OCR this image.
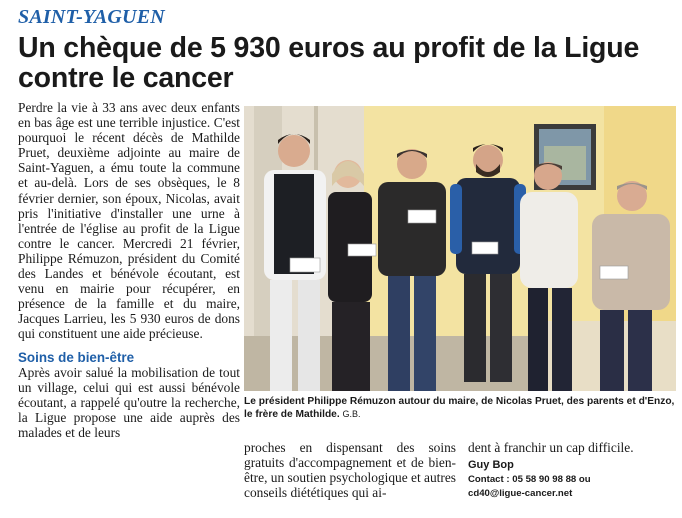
SAINT-YAGUEN
Un chèque de 5 930 euros au profit de la Ligue contre le cancer

Perdre la vie à 33 ans avec deux enfants en bas âge est une terrible injustice. C'est pourquoi le récent décès de Mathilde Pruet, deuxième adjointe au maire de Saint-Yaguen, a ému toute la commune et au-delà. Lors de ses obsèques, le 8 février dernier, son époux, Nicolas, avait pris l'initiative d'installer une urne à l'entrée de l'église au profit de la Ligue contre le cancer. Mercredi 21 février, Philippe Rémuzon, président du Comité des Landes et bénévole écoutant, est venu en mairie pour récupérer, en présence de la famille et du maire, Jacques Larrieu, les 5 930 euros de dons qui constituent une aide précieuse.

Soins de bien-être

Après avoir salué la mobilisation de tout un village, celui qui est aussi bénévole écoutant, a rappelé qu'outre la recherche, la Ligue propose une aide auprès des malades et de leurs

Le président Philippe Rémuzon autour du maire, de Nicolas Pruet, des parents et d'Enzo, le frère de Mathilde. G.B.

proches en dispensant des soins gratuits d'accompagnement et de bien-être, un soutien psychologique et autres conseils diététiques qui ai-

dent à franchir un cap difficile.

Guy Bop

Contact : 05 58 90 98 88 ou

cd40@ligue-cancer.net
